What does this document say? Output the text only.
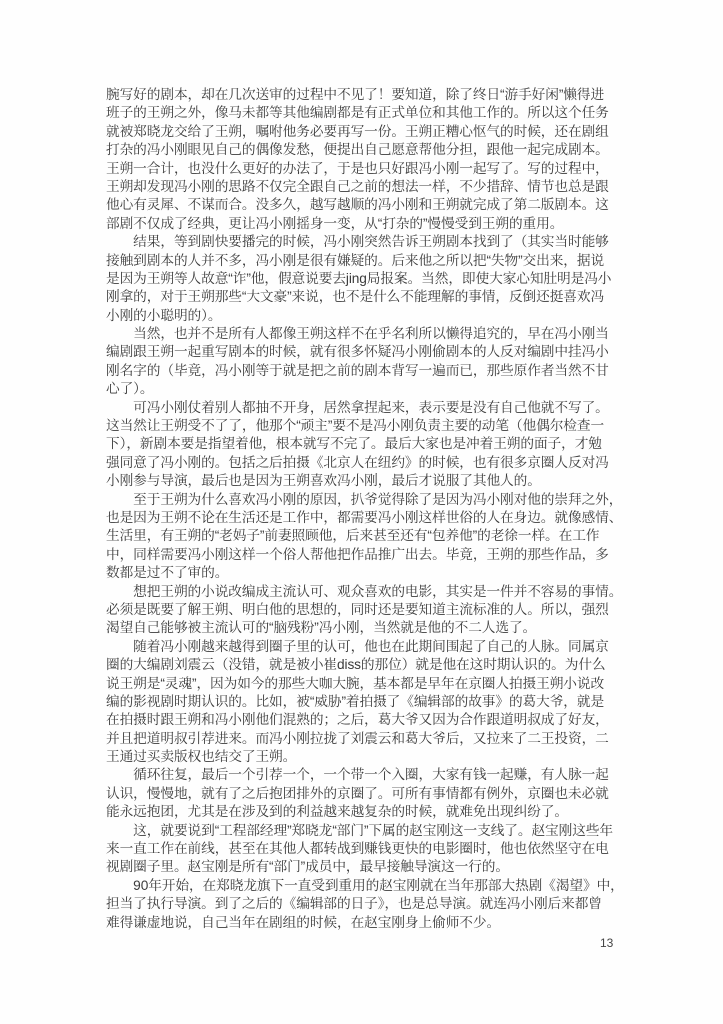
腕写好的剧本，却在几次送审的过程中不见了！要知道，除了终日“游手好闲”懒得进
班子的王朔之外，像马未都等其他编剧都是有正式单位和其他工作的。所以这个任务
就被郑晓龙交给了王朔，嘱咐他务必要再写一份。王朔正糟心怄气的时候，还在剧组
打杂的冯小刚眼见自己的偶像发愁，便提出自己愿意帮他分担，跟他一起完成剧本。
王朔一合计，也没什么更好的办法了，于是也只好跟冯小刚一起写了。写的过程中，
王朔却发现冯小刚的思路不仅完全跟自己之前的想法一样，不少措辞、情节也总是跟
他心有灵犀、不谋而合。没多久，越写越顺的冯小刚和王朔就完成了第二版剧本。这
部剧不仅成了经典，更让冯小刚摇身一变，从“打杂的”慢慢受到王朔的重用。
　　结果，等到剧快要播完的时候，冯小刚突然告诉王朔剧本找到了（其实当时能够
接触到剧本的人并不多，冯小刚是很有嫌疑的。后来他之所以把“失物”交出来，据说
是因为王朔等人故意“诈”他，假意说要去jing局报案。当然，即使大家心知肚明是冯小
刚拿的，对于王朔那些“大文豪”来说，也不是什么不能理解的事情，反倒还挺喜欢冯
小刚的小聪明的）。
　　当然，也并不是所有人都像王朔这样不在乎名利所以懒得追究的，早在冯小刚当
编剧跟王朔一起重写剧本的时候，就有很多怀疑冯小刚偷剧本的人反对编剧中挂冯小
刚名字的（毕竟，冯小刚等于就是把之前的剧本背写一遍而已，那些原作者当然不甘
心了）。
　　可冯小刚仗着别人都抽不开身，居然拿捏起来，表示要是没有自己他就不写了。
这当然让王朔受不了了，他那个“顽主”要不是冯小刚负责主要的动笔（他偶尔检查一
下），新剧本要是指望着他，根本就写不完了。最后大家也是冲着王朔的面子，才勉
强同意了冯小刚的。包括之后拍摄《北京人在纽约》的时候，也有很多京圈人反对冯
小刚参与导演，最后也是因为王朔喜欢冯小刚，最后才说服了其他人的。
　　至于王朔为什么喜欢冯小刚的原因，扒爷觉得除了是因为冯小刚对他的崇拜之外，
也是因为王朔不论在生活还是工作中，都需要冯小刚这样世俗的人在身边。就像感情、
生活里，有王朔的“老妈子”前妻照顾他，后来甚至还有“包养他”的老徐一样。在工作
中，同样需要冯小刚这样一个俗人帮他把作品推广出去。毕竟，王朔的那些作品，多
数都是过不了审的。
　　想把王朔的小说改编成主流认可、观众喜欢的电影，其实是一件并不容易的事情。
必须是既要了解王朔、明白他的思想的，同时还是要知道主流标准的人。所以，强烈
渴望自己能够被主流认可的“脑残粉”冯小刚，当然就是他的不二人选了。
　　随着冯小刚越来越得到圈子里的认可，他也在此期间围起了自己的人脉。同属京
圈的大编剧刘震云（没错，就是被小崔diss的那位）就是他在这时期认识的。为什么
说王朔是“灵魂”，因为如今的那些大咖大腕，基本都是早年在京圈人拍摄王朔小说改
编的影视剧时期认识的。比如，被“威胁”着拍摄了《编辑部的故事》的葛大爷，就是
在拍摄时跟王朔和冯小刚他们混熟的；之后，葛大爷又因为合作跟道明叔成了好友，
并且把道明叔引荐进来。而冯小刚拉拢了刘震云和葛大爷后，又拉来了二王投资，二
王通过买卖版权也结交了王朔。
　　循环往复，最后一个引荐一个，一个带一个入圈，大家有钱一起赚，有人脉一起
认识，慢慢地，就有了之后抱团排外的京圈了。可所有事情都有例外，京圈也未必就
能永远抱团，尤其是在涉及到的利益越来越复杂的时候，就难免出现纠纷了。
　　这，就要说到“工程部经理”郑晓龙“部门”下属的赵宝刚这一支线了。赵宝刚这些年
来一直工作在前线，甚至在其他人都转战到赚钱更快的电影圈时，他也依然坚守在电
视剧圈子里。赵宝刚是所有“部门”成员中，最早接触导演这一行的。
　　90年开始，在郑晓龙旗下一直受到重用的赵宝刚就在当年那部大热剧《渴望》中，
担当了执行导演。到了之后的《编辑部的日子》，也是总导演。就连冯小刚后来都曾
难得谦虚地说，自己当年在剧组的时候，在赵宝刚身上偷师不少。
13
